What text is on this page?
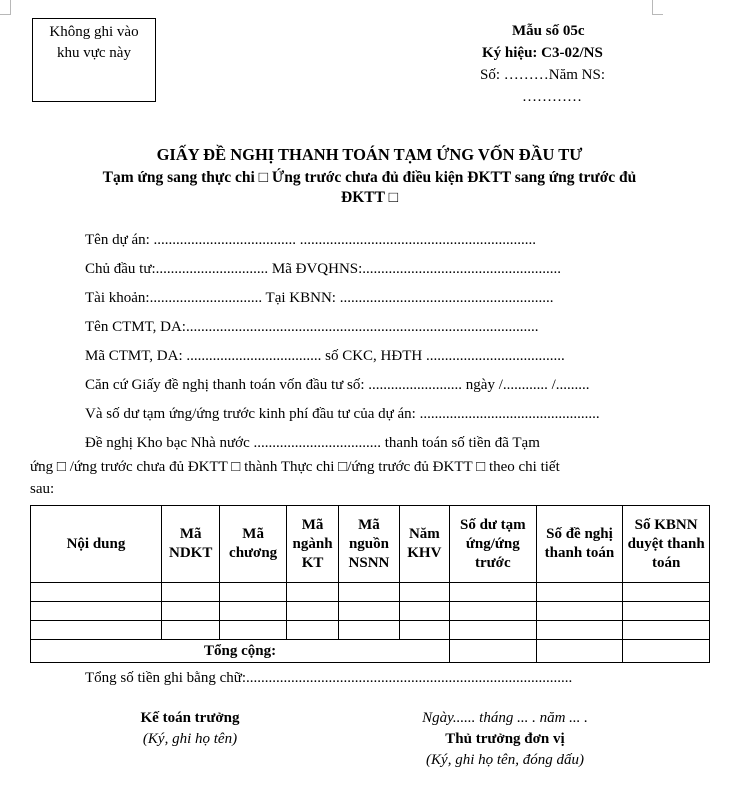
Không ghi vào
khu vực này
Mẫu số 05c
Ký hiệu: C3-02/NS
Số: ………Năm NS:
…………
GIẤY ĐỀ NGHỊ THANH TOÁN TẠM ỨNG VỐN ĐẦU TƯ
Tạm ứng sang thực chi □ Ứng trước chưa đủ điều kiện ĐKTT sang ứng trước đủ
ĐKTT □
Tên dự án: ...................................... ...............................................................
Chủ đầu tư:.............................. Mã ĐVQHNS:.....................................................
Tài khoản:.............................. Tại KBNN: .........................................................
Tên CTMT, DA:..............................................................................................
Mã CTMT, DA: .................................... số CKC, HĐTH .....................................
Căn cứ Giấy đề nghị thanh toán vốn đầu tư số: ......................... ngày /............ /.........
Và số dư tạm ứng/ứng trước kinh phí đầu tư của dự án: ................................................
Đề nghị Kho bạc Nhà nước .................................. thanh toán số tiền đã Tạm
ứng □ /ứng trước chưa đủ ĐKTT □ thành Thực chi □/ứng trước đủ ĐKTT □ theo chi tiết
sau:
Nội dung	Mã NDKT	Mã chương	Mã ngành KT	Mã nguồn NSNN	Năm KHV	Số dư tạm ứng/ứng trước	Số đề nghị thanh toán	Số KBNN duyệt thanh toán

Tổng cộng:								
Tổng số tiền ghi bằng chữ:.......................................................................................
Kế toán trưởng
(Ký, ghi họ tên)
Ngày...... tháng ... . năm ... .
Thủ trưởng đơn vị
(Ký, ghi họ tên, đóng dấu)
